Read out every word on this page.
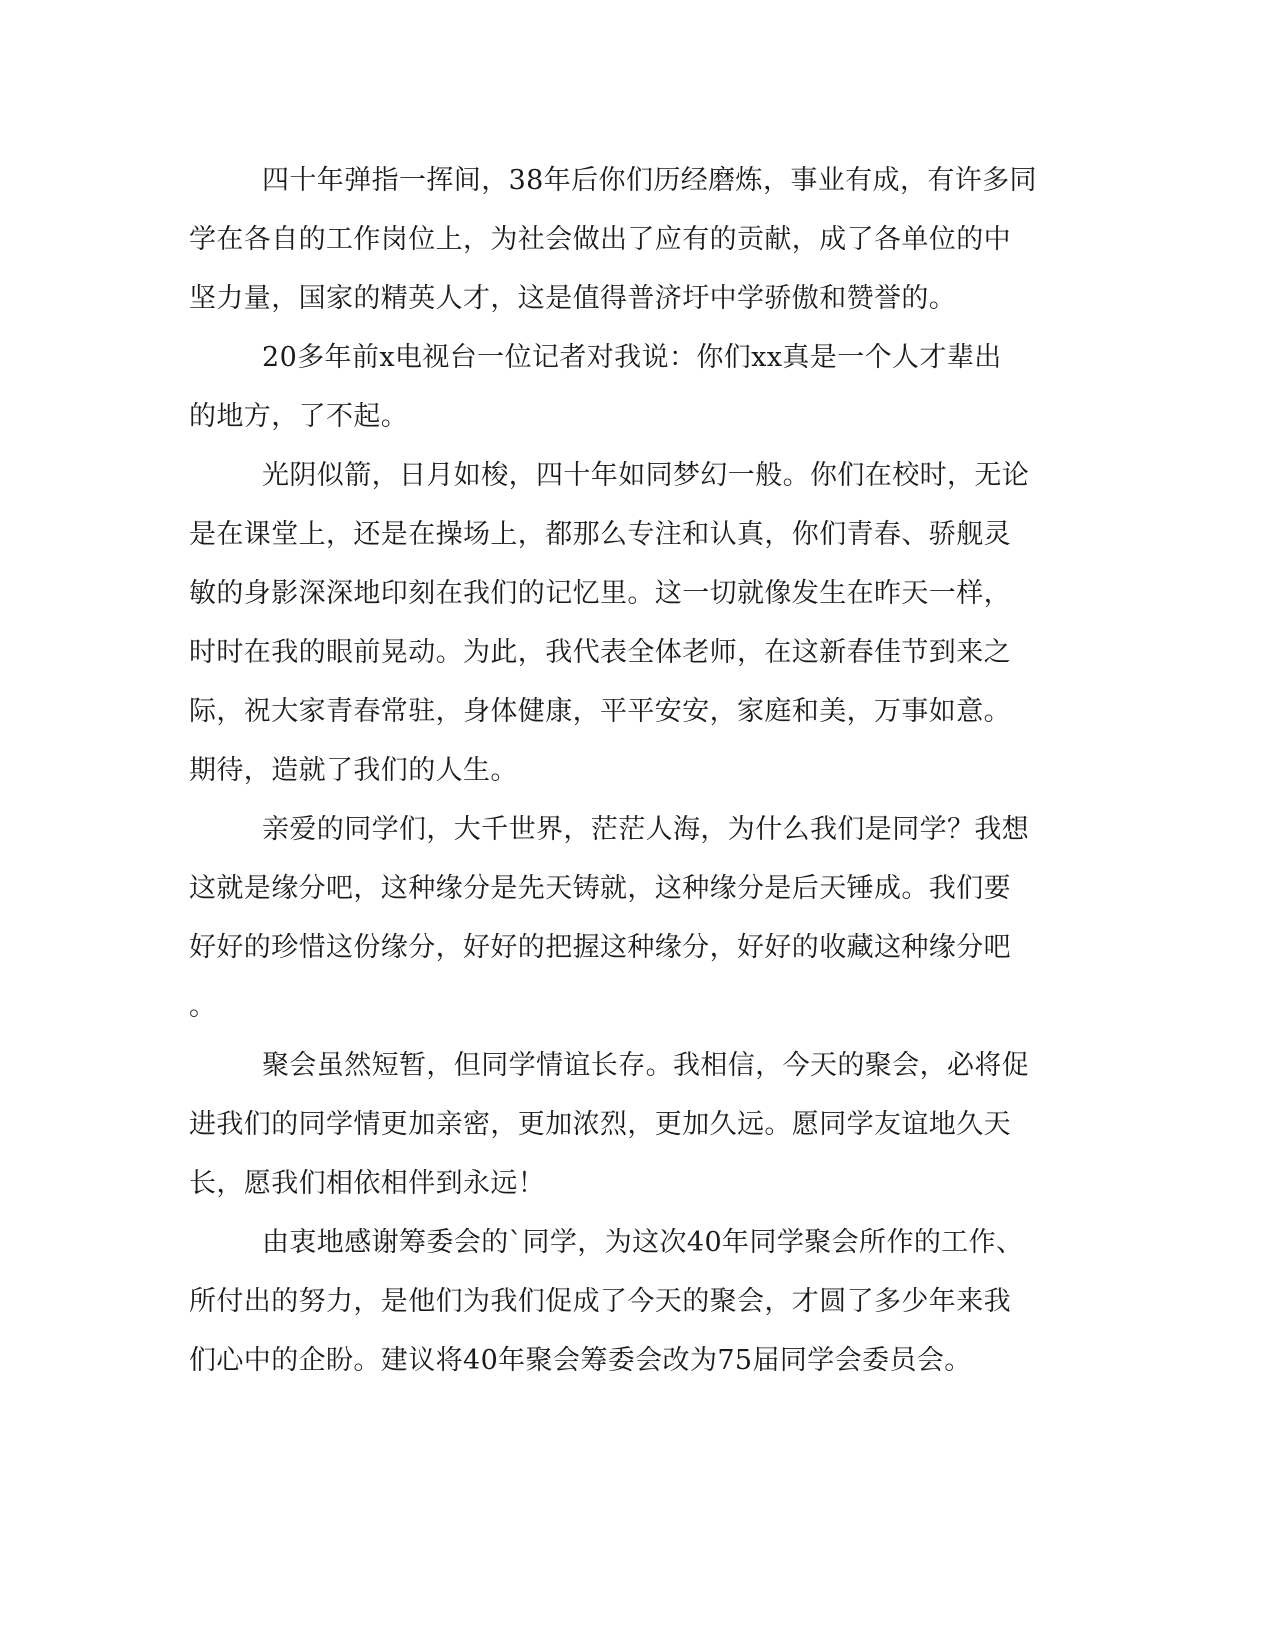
四十年弹指一挥间，38年后你们历经磨炼，事业有成，有许多同
学在各自的工作岗位上，为社会做出了应有的贡献，成了各单位的中
坚力量，国家的精英人才，这是值得普济圩中学骄傲和赞誉的。
20多年前x电视台一位记者对我说：你们xx真是一个人才辈出
的地方，了不起。
光阴似箭，日月如梭，四十年如同梦幻一般。你们在校时，无论
是在课堂上，还是在操场上，都那么专注和认真，你们青春、骄舰灵
敏的身影深深地印刻在我们的记忆里。这一切就像发生在昨天一样，
时时在我的眼前晃动。为此，我代表全体老师，在这新春佳节到来之
际，祝大家青春常驻，身体健康，平平安安，家庭和美，万事如意。
期待，造就了我们的人生。
亲爱的同学们，大千世界，茫茫人海，为什么我们是同学？我想
这就是缘分吧，这种缘分是先天铸就，这种缘分是后天锤成。我们要
好好的珍惜这份缘分，好好的把握这种缘分，好好的收藏这种缘分吧
。
聚会虽然短暂，但同学情谊长存。我相信，今天的聚会，必将促
进我们的同学情更加亲密，更加浓烈，更加久远。愿同学友谊地久天
长，愿我们相依相伴到永远！
由衷地感谢筹委会的`同学，为这次40年同学聚会所作的工作、
所付出的努力，是他们为我们促成了今天的聚会，才圆了多少年来我
们心中的企盼。建议将40年聚会筹委会改为75届同学会委员会。
